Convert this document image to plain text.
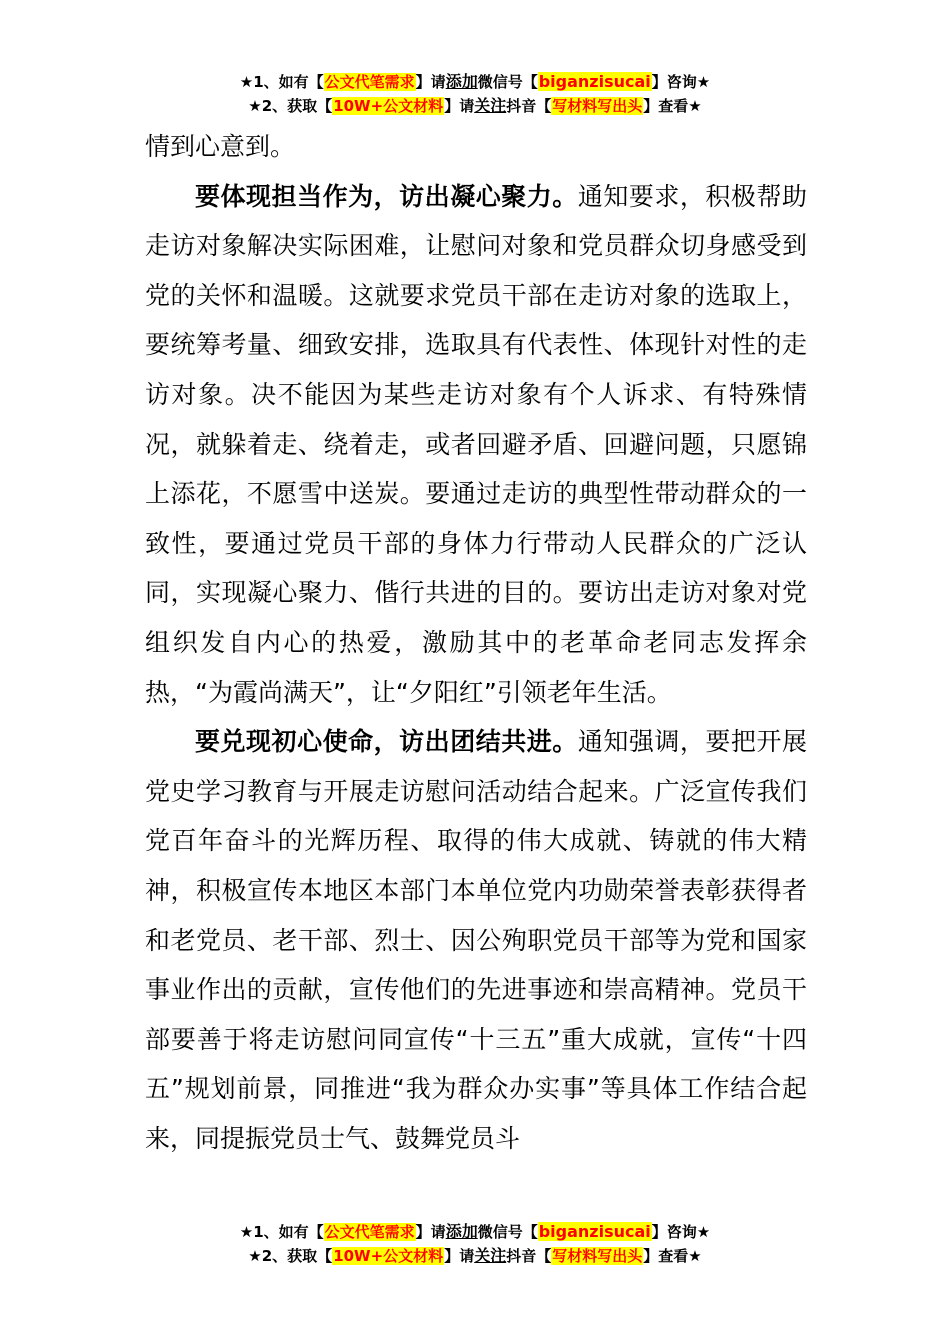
★1、如有【公文代笔需求】请添加微信号【biganzisucai】咨询★
★2、获取【10W+公文材料】请关注抖音【写材料写出头】查看★

情到心意到。

要体现担当作为，访出凝心聚力。通知要求，积极帮助走访对象解决实际困难，让慰问对象和党员群众切身感受到党的关怀和温暖。这就要求党员干部在走访对象的选取上，要统筹考量、细致安排，选取具有代表性、体现针对性的走访对象。决不能因为某些走访对象有个人诉求、有特殊情况，就躲着走、绕着走，或者回避矛盾、回避问题，只愿锦上添花，不愿雪中送炭。要通过走访的典型性带动群众的一致性，要通过党员干部的身体力行带动人民群众的广泛认同，实现凝心聚力、偕行共进的目的。要访出走访对象对党组织发自内心的热爱，激励其中的老革命老同志发挥余热，“为霞尚满天”，让“夕阳红”引领老年生活。

要兑现初心使命，访出团结共进。通知强调，要把开展党史学习教育与开展走访慰问活动结合起来。广泛宣传我们党百年奋斗的光辉历程、取得的伟大成就、铸就的伟大精神，积极宣传本地区本部门本单位党内功勋荣誉表彰获得者和老党员、老干部、烈士、因公殉职党员干部等为党和国家事业作出的贡献，宣传他们的先进事迹和崇高精神。党员干部要善于将走访慰问同宣传“十三五”重大成就，宣传“十四五”规划前景，同推进“我为群众办实事”等具体工作结合起来，同提振党员士气、鼓舞党员斗

★1、如有【公文代笔需求】请添加微信号【biganzisucai】咨询★
★2、获取【10W+公文材料】请关注抖音【写材料写出头】查看★
